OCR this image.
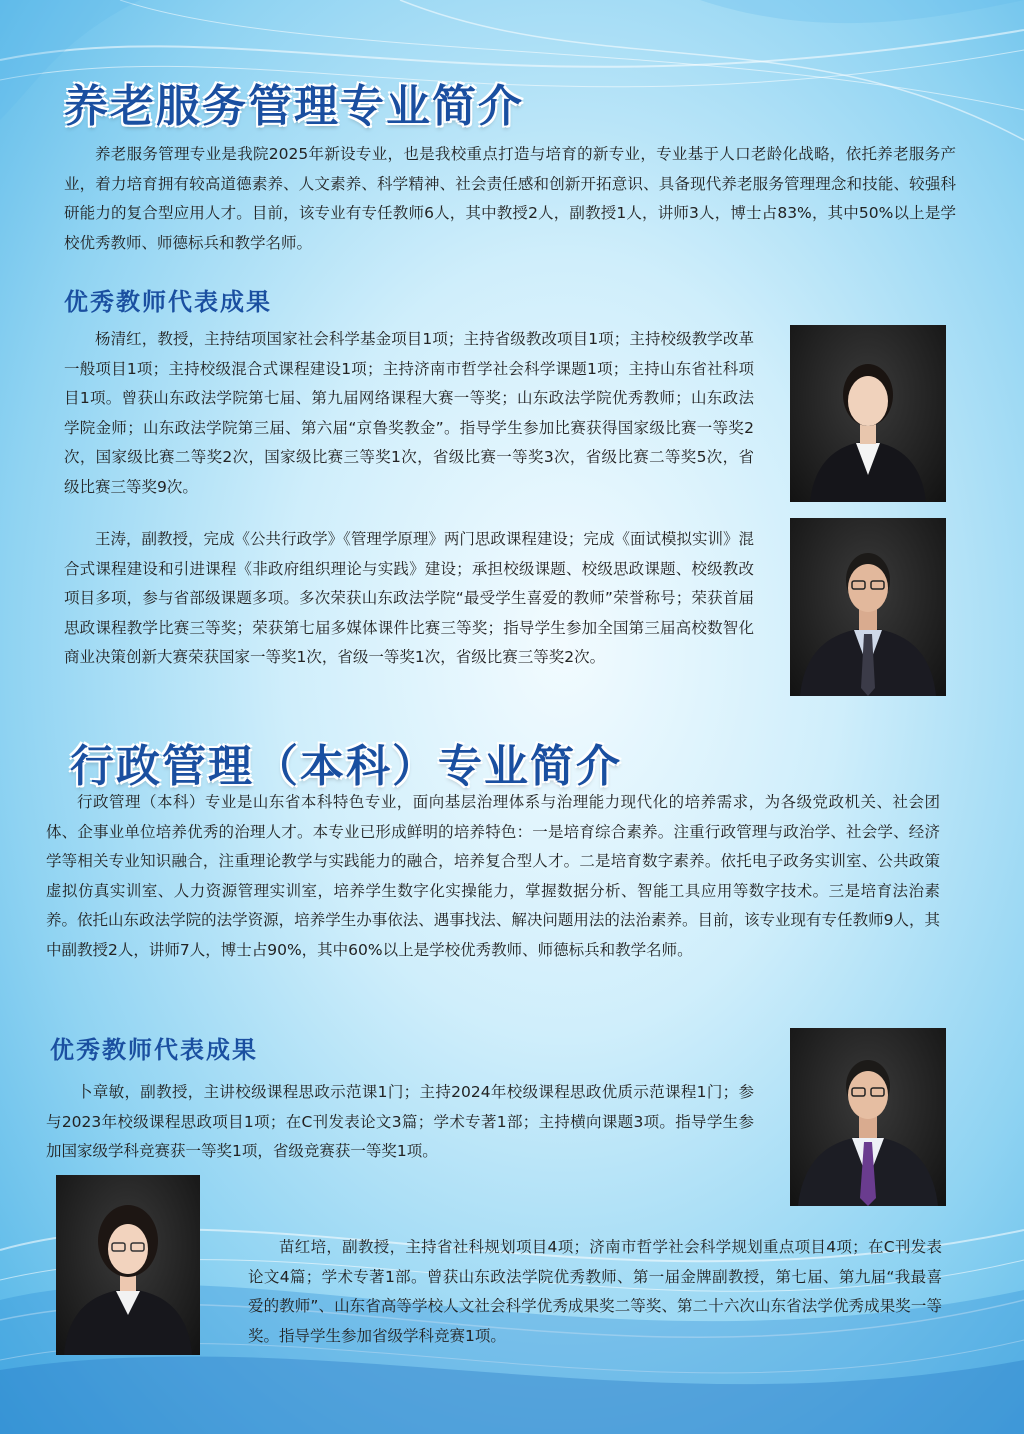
养老服务管理专业简介

养老服务管理专业是我院2025年新设专业，也是我校重点打造与培育的新专业，专业基于人口老龄化战略，依托养老服务产业，着力培育拥有较高道德素养、人文素养、科学精神、社会责任感和创新开拓意识、具备现代养老服务管理理念和技能、较强科研能力的复合型应用人才。目前，该专业有专任教师6人，其中教授2人，副教授1人，讲师3人，博士占83%，其中50%以上是学校优秀教师、师德标兵和教学名师。

优秀教师代表成果

杨清红，教授，主持结项国家社会科学基金项目1项；主持省级教改项目1项；主持校级教学改革一般项目1项；主持校级混合式课程建设1项；主持济南市哲学社会科学课题1项；主持山东省社科项目1项。曾获山东政法学院第七届、第九届网络课程大赛一等奖；山东政法学院优秀教师；山东政法学院金师；山东政法学院第三届、第六届“京鲁奖教金”。指导学生参加比赛获得国家级比赛一等奖2次，国家级比赛二等奖2次，国家级比赛三等奖1次，省级比赛一等奖3次，省级比赛二等奖5次，省级比赛三等奖9次。

王涛，副教授，完成《公共行政学》《管理学原理》两门思政课程建设；完成《面试模拟实训》混合式课程建设和引进课程《非政府组织理论与实践》建设；承担校级课题、校级思政课题、校级教改项目多项，参与省部级课题多项。多次荣获山东政法学院“最受学生喜爱的教师”荣誉称号；荣获首届思政课程教学比赛三等奖；荣获第七届多媒体课件比赛三等奖；指导学生参加全国第三届高校数智化商业决策创新大赛荣获国家一等奖1次，省级一等奖1次，省级比赛三等奖2次。

行政管理（本科）专业简介

行政管理（本科）专业是山东省本科特色专业，面向基层治理体系与治理能力现代化的培养需求，为各级党政机关、社会团体、企事业单位培养优秀的治理人才。本专业已形成鲜明的培养特色：一是培育综合素养。注重行政管理与政治学、社会学、经济学等相关专业知识融合，注重理论教学与实践能力的融合，培养复合型人才。二是培育数字素养。依托电子政务实训室、公共政策虚拟仿真实训室、人力资源管理实训室，培养学生数字化实操能力，掌握数据分析、智能工具应用等数字技术。三是培育法治素养。依托山东政法学院的法学资源，培养学生办事依法、遇事找法、解决问题用法的法治素养。目前，该专业现有专任教师9人，其中副教授2人，讲师7人，博士占90%，其中60%以上是学校优秀教师、师德标兵和教学名师。

优秀教师代表成果

卜章敏，副教授，主讲校级课程思政示范课1门；主持2024年校级课程思政优质示范课程1门；参与2023年校级课程思政项目1项；在C刊发表论文3篇；学术专著1部；主持横向课题3项。指导学生参加国家级学科竞赛获一等奖1项，省级竞赛获一等奖1项。

苗红培，副教授，主持省社科规划项目4项；济南市哲学社会科学规划重点项目4项；在C刊发表论文4篇；学术专著1部。曾获山东政法学院优秀教师、第一届金牌副教授，第七届、第九届“我最喜爱的教师”、山东省高等学校人文社会科学优秀成果奖二等奖、第二十六次山东省法学优秀成果奖一等奖。指导学生参加省级学科竞赛1项。
